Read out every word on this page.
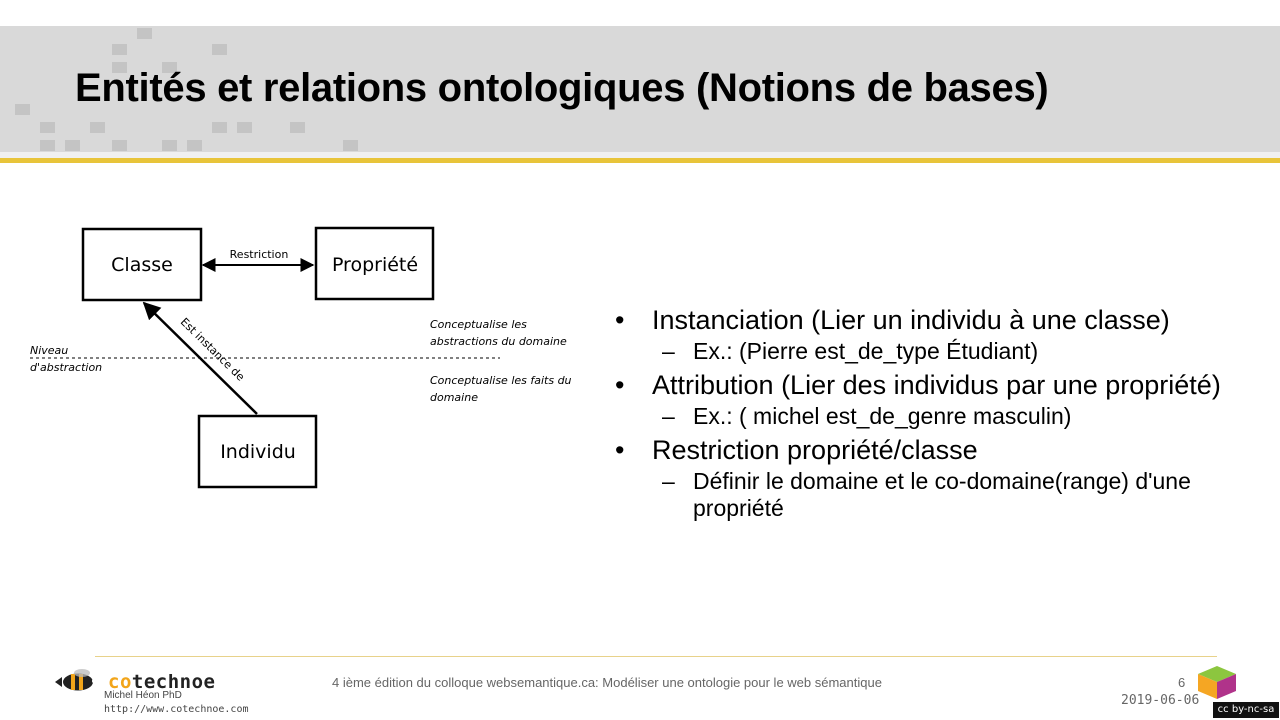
Entités et relations ontologiques (Notions de bases)
Classe	Propriété
Individu
Restriction
Est instance de
Niveau
d'abstraction
Conceptualise les
abstractions du domaine
Conceptualise les faits du
domaine
• Instanciation (Lier un individu à une classe)
– Ex.: (Pierre est_de_type Étudiant)
• Attribution (Lier des individus par une propriété)
– Ex.: ( michel est_de_genre masculin)
• Restriction propriété/classe
– Définir le domaine et le co-domaine(range) d'une propriété
cotechnoe
Michel Héon PhD
http://www.cotechnoe.com
4 ième édition du colloque websemantique.ca: Modéliser une ontologie pour le web sémantique	6
2019-06-06
cc by-nc-sa
